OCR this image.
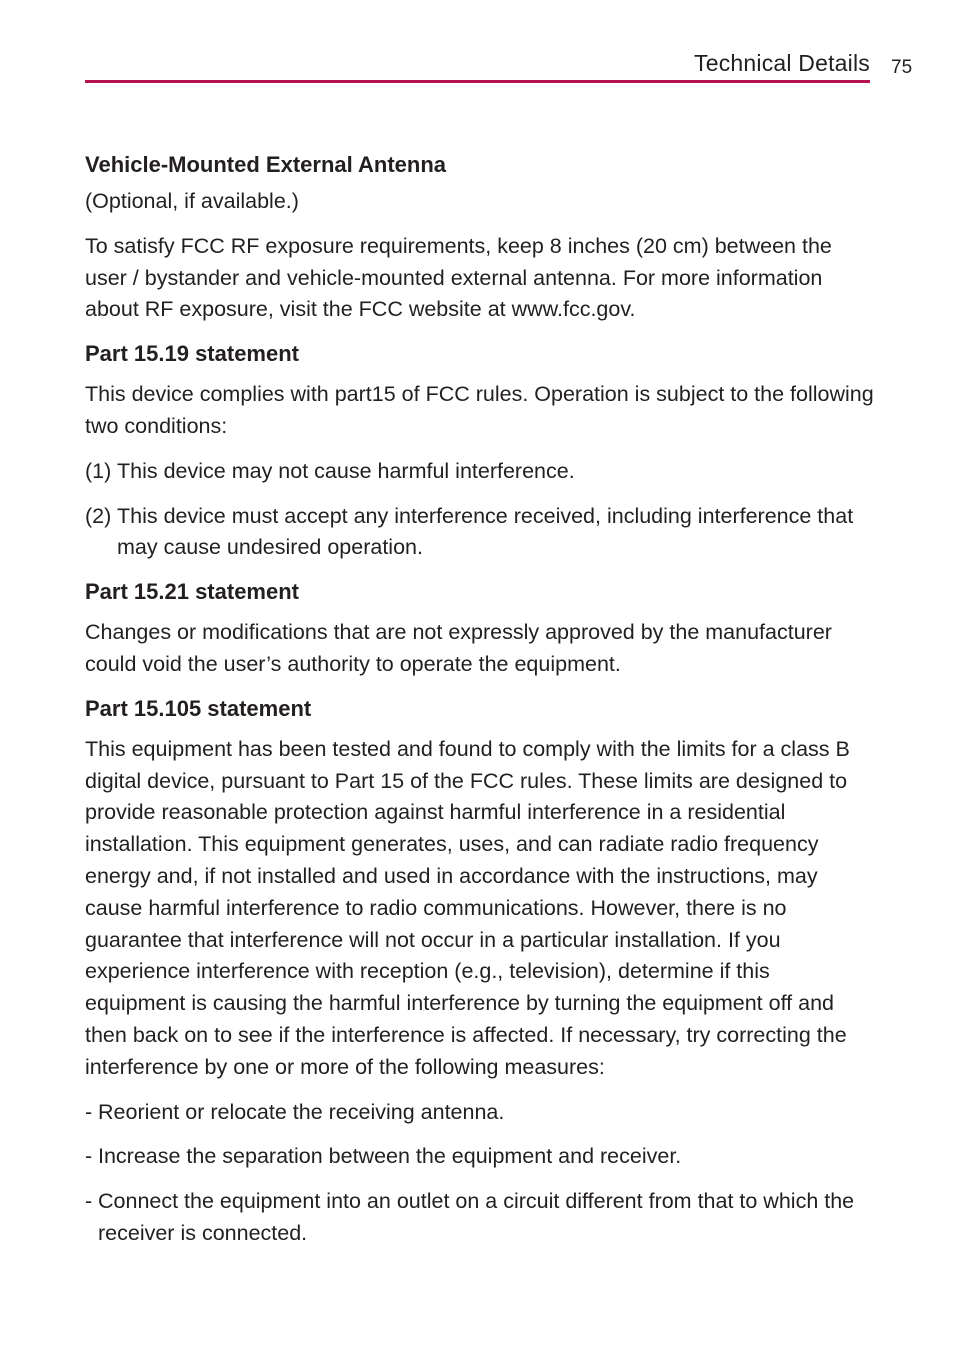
Technical Details 75
Vehicle-Mounted External Antenna

(Optional, if available.)

To satisfy FCC RF exposure requirements, keep 8 inches (20 cm) between the user / bystander and vehicle-mounted external antenna. For more information about RF exposure, visit the FCC website at www.fcc.gov.

Part 15.19 statement

This device complies with part15 of FCC rules. Operation is subject to the following two conditions:

(1) This device may not cause harmful interference.
(2) This device must accept any interference received, including interference that may cause undesired operation.
Part 15.21 statement

Changes or modifications that are not expressly approved by the manufacturer could void the user’s authority to operate the equipment.

Part 15.105 statement

This equipment has been tested and found to comply with the limits for a class B digital device, pursuant to Part 15 of the FCC rules. These limits are designed to provide reasonable protection against harmful interference in a residential installation. This equipment generates, uses, and can radiate radio frequency energy and, if not installed and used in accordance with the instructions, may cause harmful interference to radio communications. However, there is no guarantee that interference will not occur in a particular installation. If you experience interference with reception (e.g., television), determine if this equipment is causing the harmful interference by turning the equipment off and then back on to see if the interference is affected. If necessary, try correcting the interference by one or more of the following measures:

- Reorient or relocate the receiving antenna.
- Increase the separation between the equipment and receiver.
- Connect the equipment into an outlet on a circuit different from that to which the receiver is connected.
